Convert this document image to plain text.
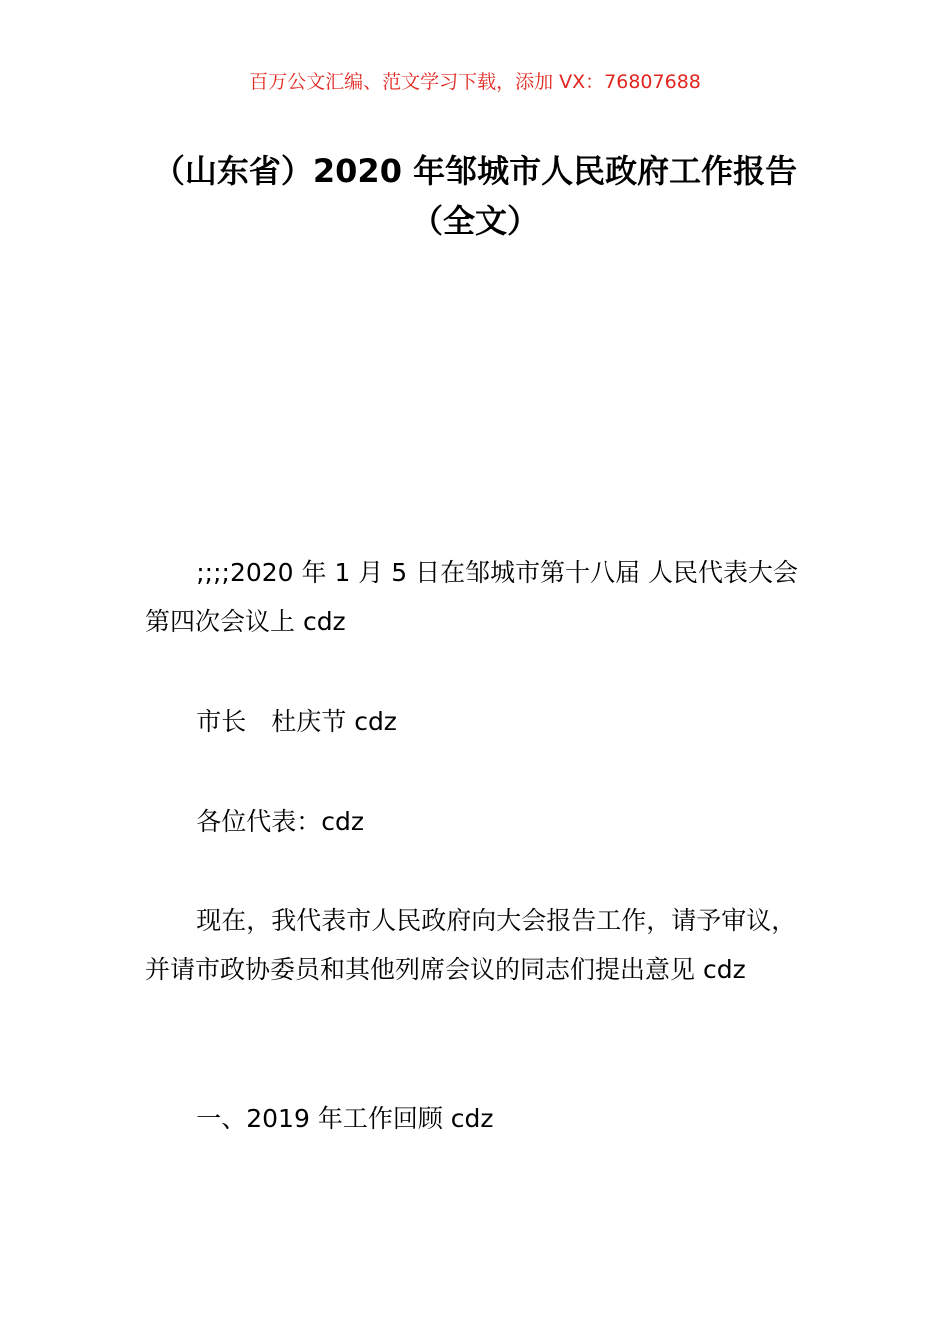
百万公文汇编、范文学习下载，添加 VX：76807688
（山东省）2020 年邹城市人民政府工作报告（全文）

;;;;2020 年 1 月 5 日在邹城市第十八届 人民代表大会第四次会议上 cdz

市长　杜庆节 cdz

各位代表：cdz

现在，我代表市人民政府向大会报告工作，请予审议，并请市政协委员和其他列席会议的同志们提出意见 cdz

一、2019 年工作回顾 cdz
